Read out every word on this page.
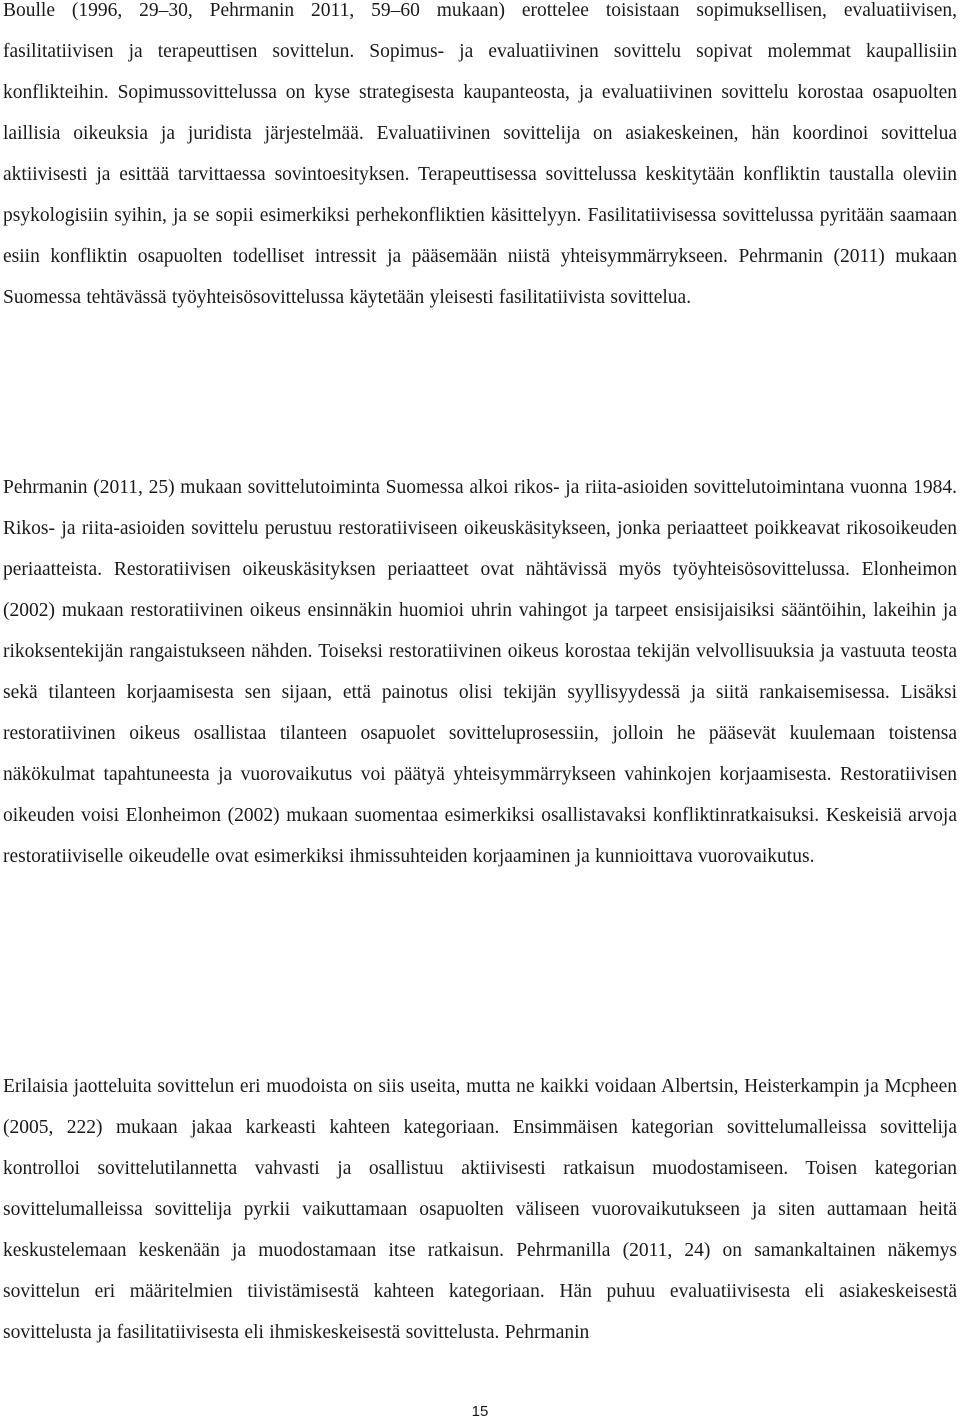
Boulle (1996, 29–30, Pehrmanin 2011, 59–60 mukaan) erottelee toisistaan sopimuksellisen, evaluatiivisen, fasilitatiivisen ja terapeuttisen sovittelun. Sopimus- ja evaluatiivinen sovittelu sopivat molemmat kaupallisiin konflikteihin. Sopimussovittelussa on kyse strategisesta kaupanteosta, ja evaluatiivinen sovittelu korostaa osapuolten laillisia oikeuksia ja juridista järjestelmää. Evaluatiivinen sovittelija on asiakeskeinen, hän koordinoi sovittelua aktiivisesti ja esittää tarvittaessa sovintoesityksen. Terapeuttisessa sovittelussa keskitytään konfliktin taustalla oleviin psykologisiin syihin, ja se sopii esimerkiksi perhekonfliktien käsittelyyn. Fasilitatiivisessa sovittelussa pyritään saamaan esiin konfliktin osapuolten todelliset intressit ja pääsemään niistä yhteisymmärrykseen. Pehrmanin (2011) mukaan Suomessa tehtävässä työyhteisösovittelussa käytetään yleisesti fasilitatiivista sovittelua.

Pehrmanin (2011, 25) mukaan sovittelutoiminta Suomessa alkoi rikos- ja riita-asioiden sovittelutoimintana vuonna 1984. Rikos- ja riita-asioiden sovittelu perustuu restoratiiviseen oikeuskäsitykseen, jonka periaatteet poikkeavat rikosoikeuden periaatteista. Restoratiivisen oikeuskäsityksen periaatteet ovat nähtävissä myös työyhteisösovittelussa. Elonheimon (2002) mukaan restoratiivinen oikeus ensinnäkin huomioi uhrin vahingot ja tarpeet ensisijaisiksi sääntöihin, lakeihin ja rikoksentekijän rangaistukseen nähden. Toiseksi restoratiivinen oikeus korostaa tekijän velvollisuuksia ja vastuuta teosta sekä tilanteen korjaamisesta sen sijaan, että painotus olisi tekijän syyllisyydessä ja siitä rankaisemisessa. Lisäksi restoratiivinen oikeus osallistaa tilanteen osapuolet sovitteluprosessiin, jolloin he pääsevät kuulemaan toistensa näkökulmat tapahtuneesta ja vuorovaikutus voi päätyä yhteisymmärrykseen vahinkojen korjaamisesta. Restoratiivisen oikeuden voisi Elonheimon (2002) mukaan suomentaa esimerkiksi osallistavaksi konfliktinratkaisuksi. Keskeisiä arvoja restoratiiviselle oikeudelle ovat esimerkiksi ihmissuhteiden korjaaminen ja kunnioittava vuorovaikutus.

Erilaisia jaotteluita sovittelun eri muodoista on siis useita, mutta ne kaikki voidaan Albertsin, Heisterkampin ja Mcpheen (2005, 222) mukaan jakaa karkeasti kahteen kategoriaan. Ensimmäisen kategorian sovittelumalleissa sovittelija kontrolloi sovittelutilannetta vahvasti ja osallistuu aktiivisesti ratkaisun muodostamiseen. Toisen kategorian sovittelumalleissa sovittelija pyrkii vaikuttamaan osapuolten väliseen vuorovaikutukseen ja siten auttamaan heitä keskustelemaan keskenään ja muodostamaan itse ratkaisun. Pehrmanilla (2011, 24) on samankaltainen näkemys sovittelun eri määritelmien tiivistämisestä kahteen kategoriaan. Hän puhuu evaluatiivisesta eli asiakeskeisestä sovittelusta ja fasilitatiivisesta eli ihmiskeskeisestä sovittelusta. Pehrmanin

15
